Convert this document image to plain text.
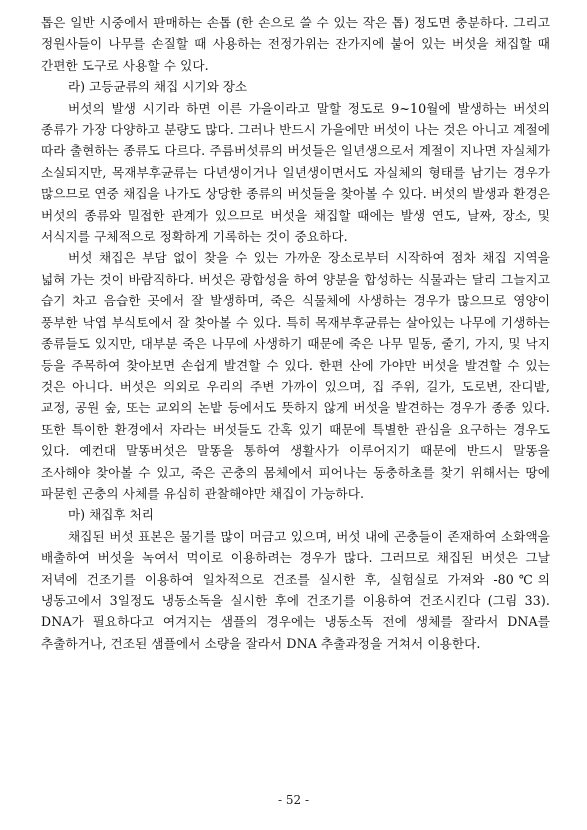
톱은 일반 시중에서 판매하는 손톱 (한 손으로 쓸 수 있는 작은 톱) 정도면 충분하다. 그리고 정원사들이 나무를 손질할 때 사용하는 전정가위는 잔가지에 붙어 있는 버섯을 채집할 때 간편한 도구로 사용할 수 있다.

라) 고등균류의 채집 시기와 장소

버섯의 발생 시기라 하면 이른 가을이라고 말할 정도로 9~10월에 발생하는 버섯의 종류가 가장 다양하고 분량도 많다. 그러나 반드시 가을에만 버섯이 나는 것은 아니고 계절에 따라 출현하는 종류도 다르다. 주름버섯류의 버섯들은 일년생으로서 계절이 지나면 자실체가 소실되지만, 목재부후균류는 다년생이거나 일년생이면서도 자실체의 형태를 남기는 경우가 많으므로 연중 채집을 나가도 상당한 종류의 버섯들을 찾아볼 수 있다. 버섯의 발생과 환경은 버섯의 종류와 밀접한 관계가 있으므로 버섯을 채집할 때에는 발생 연도, 날짜, 장소, 및 서식지를 구체적으로 정확하게 기록하는 것이 중요하다.

버섯 채집은 부담 없이 찾을 수 있는 가까운 장소로부터 시작하여 점차 채집 지역을 넓혀 가는 것이 바람직하다. 버섯은 광합성을 하여 양분을 합성하는 식물과는 달리 그늘지고 습기 차고 음습한 곳에서 잘 발생하며, 죽은 식물체에 사생하는 경우가 많으므로 영양이 풍부한 낙엽 부식토에서 잘 찾아볼 수 있다. 특히 목재부후균류는 살아있는 나무에 기생하는 종류들도 있지만, 대부분 죽은 나무에 사생하기 때문에 죽은 나무 밑동, 줄기, 가지, 및 낙지 등을 주목하여 찾아보면 손쉽게 발견할 수 있다. 한편 산에 가야만 버섯을 발견할 수 있는 것은 아니다. 버섯은 의외로 우리의 주변 가까이 있으며, 집 주위, 길가, 도로변, 잔디밭, 교정, 공원 숲, 또는 교외의 논밭 등에서도 뜻하지 않게 버섯을 발견하는 경우가 종종 있다. 또한 특이한 환경에서 자라는 버섯들도 간혹 있기 때문에 특별한 관심을 요구하는 경우도 있다. 예컨대 말똥버섯은 말똥을 통하여 생활사가 이루어지기 때문에 반드시 말똥을 조사해야 찾아볼 수 있고, 죽은 곤충의 몸체에서 피어나는 동충하초를 찾기 위해서는 땅에 파묻힌 곤충의 사체를 유심히 관찰해야만 채집이 가능하다.

마) 채집후 처리

채집된 버섯 표본은 물기를 많이 머금고 있으며, 버섯 내에 곤충들이 존재하여 소화액을 배출하여 버섯을 녹여서 먹이로 이용하려는 경우가 많다. 그러므로 채집된 버섯은 그날 저녁에 건조기를 이용하여 일차적으로 건조를 실시한 후, 실험실로 가져와 -80℃의 냉동고에서 3일정도 냉동소독을 실시한 후에 건조기를 이용하여 건조시킨다 (그림 33). DNA가 필요하다고 여겨지는 샘플의 경우에는 냉동소독 전에 생체를 잘라서 DNA를 추출하거나, 건조된 샘플에서 소량을 잘라서 DNA 추출과정을 거쳐서 이용한다.

- 52 -
